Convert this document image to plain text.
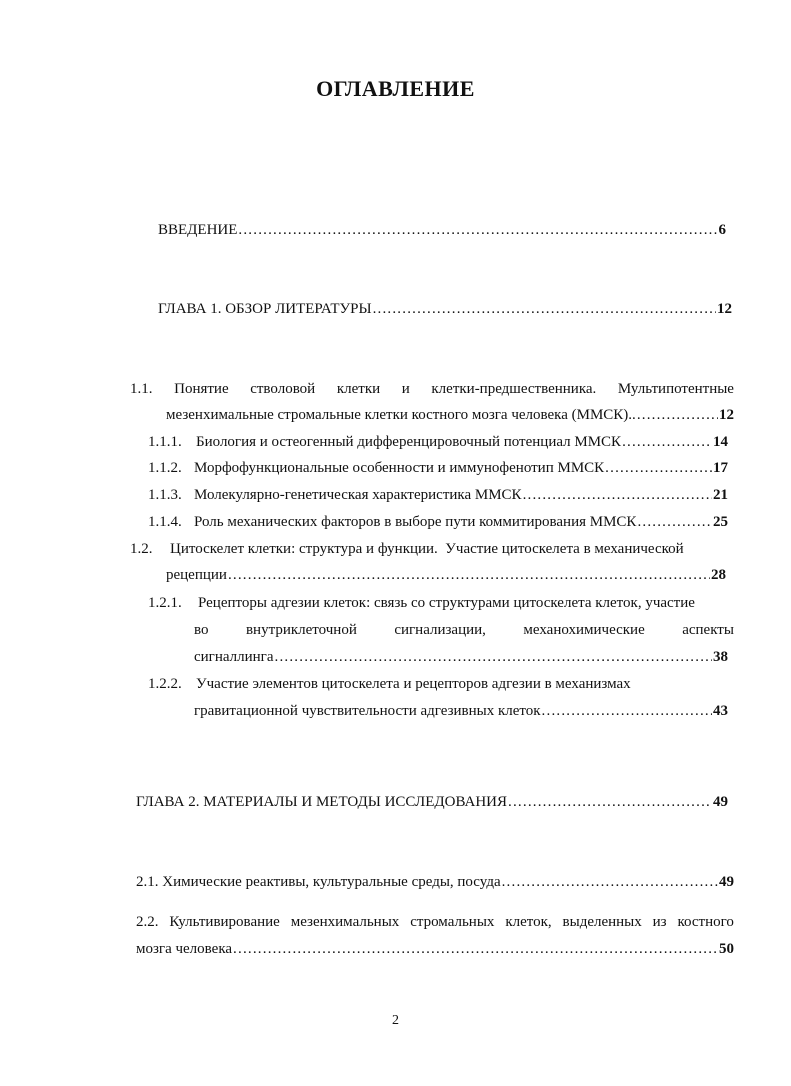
ОГЛАВЛЕНИЕ
ВВЕДЕНИЕ .....	6
ГЛАВА 1. ОБЗОР ЛИТЕРАТУРЫ .....	12
1.1. Понятие стволовой клетки и клетки-предшественника. Мультипотентные
мезенхимальные стромальные клетки костного мозга человека (ММСК).. .....	12
1.1.1. Биология и остеогенный дифференцировочный потенциал ММСК .....	14
1.1.2. Морфофункциональные особенности и иммунофенотип ММСК .....	17
1.1.3. Молекулярно-генетическая характеристика ММСК .....	21
1.1.4. Роль механических факторов в выборе пути коммитирования ММСК .....	25
1.2.	Цитоскелет клетки: структура и функции.  Участие цитоскелета в механической
рецепции .....	28
1.2.1.	Рецепторы адгезии клеток: связь со структурами цитоскелета клеток, участие
во внутриклеточной сигнализации, механохимические аспекты
сигналлинга .....	38
1.2.2. Участие элементов цитоскелета и рецепторов адгезии в механизмах
гравитационной чувствительности адгезивных клеток .....	43
ГЛАВА 2. МАТЕРИАЛЫ И МЕТОДЫ ИССЛЕДОВАНИЯ .....	49
2.1. Химические реактивы, культуральные среды, посуда .....	49
2.2. Культивирование мезенхимальных стромальных клеток, выделенных из костного
мозга человека .....	50
2
